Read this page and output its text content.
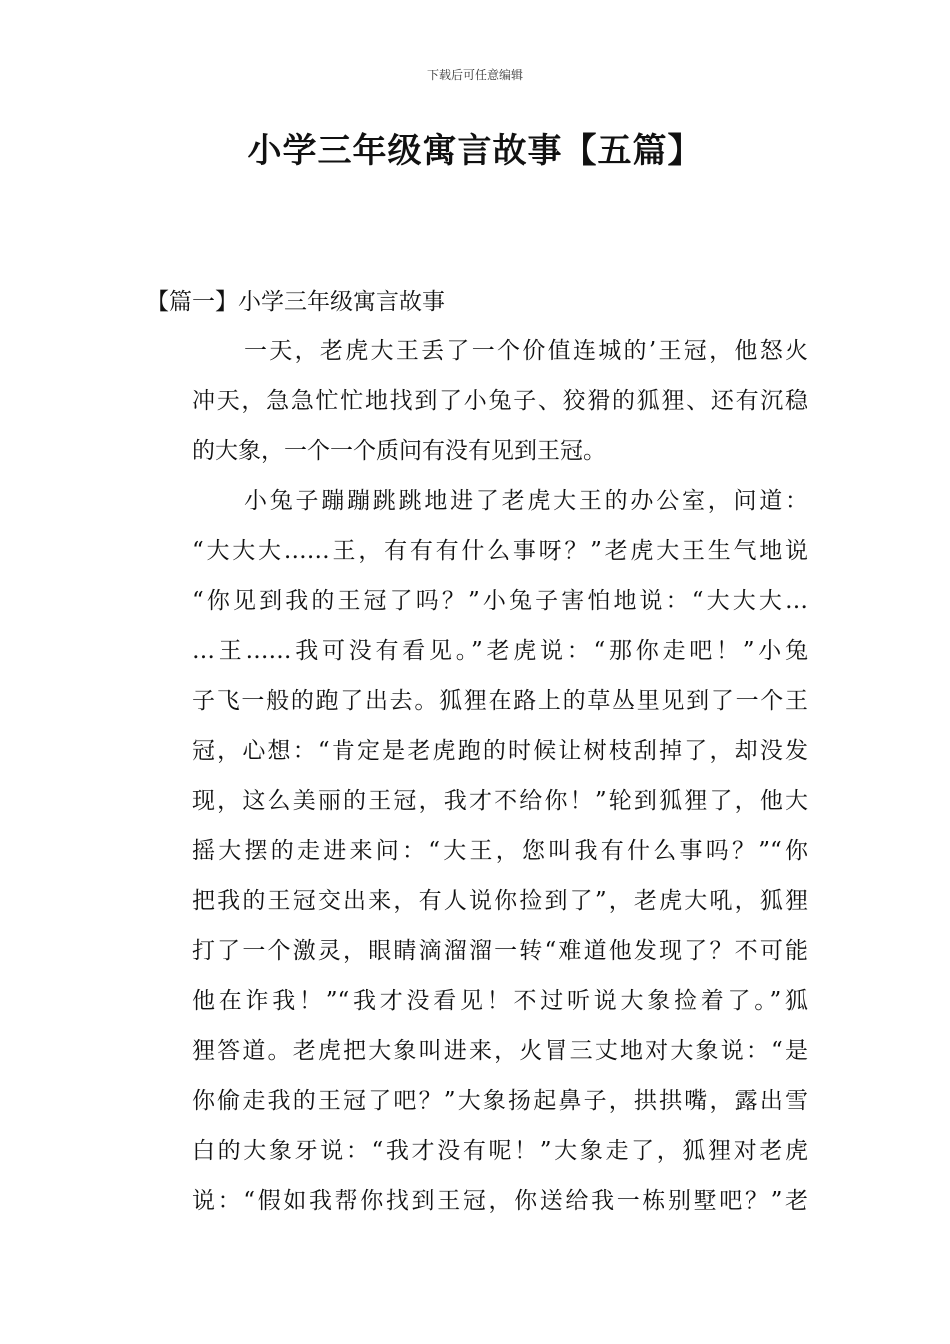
下载后可任意编辑
小学三年级寓言故事【五篇】
【篇一】小学三年级寓言故事
一天，老虎大王丢了一个价值连城的’王冠，他怒火
冲天，急急忙忙地找到了小兔子、狡猾的狐狸、还有沉稳
的大象，一个一个质问有没有见到王冠。
小兔子蹦蹦跳跳地进了老虎大王的办公室，问道：
“大大大……王，有有有什么事呀？”老虎大王生气地说
“你见到我的王冠了吗？”小兔子害怕地说：“大大大…
…王……我可没有看见。”老虎说：“那你走吧！”小兔
子飞一般的跑了出去。狐狸在路上的草丛里见到了一个王
冠，心想：“肯定是老虎跑的时候让树枝刮掉了，却没发
现，这么美丽的王冠，我才不给你！”轮到狐狸了，他大
摇大摆的走进来问：“大王，您叫我有什么事吗？”“你
把我的王冠交出来，有人说你捡到了”，老虎大吼，狐狸
打了一个激灵，眼睛滴溜溜一转“难道他发现了？不可能
他在诈我！”“我才没看见！不过听说大象捡着了。”狐
狸答道。老虎把大象叫进来，火冒三丈地对大象说：“是
你偷走我的王冠了吧？”大象扬起鼻子，拱拱嘴，露出雪
白的大象牙说：“我才没有呢！”大象走了，狐狸对老虎
说：“假如我帮你找到王冠，你送给我一栋别墅吧？”老
